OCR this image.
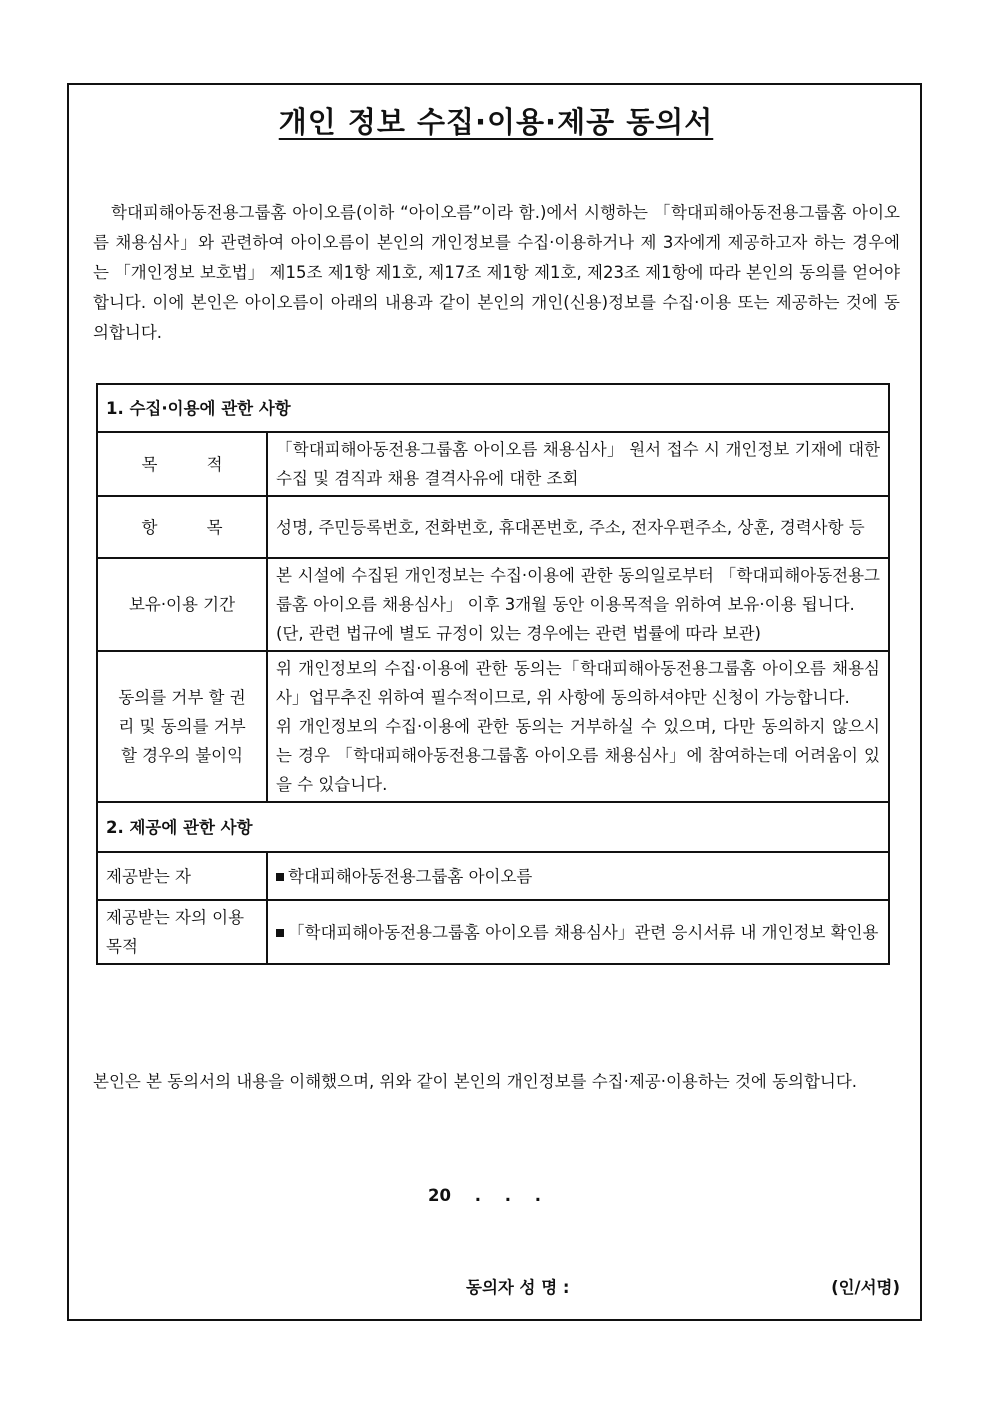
개인 정보 수집·이용·제공 동의서

학대피해아동전용그룹홈 아이오름(이하 “아이오름”이라 함.)에서 시행하는 「학대피해아동전용그룹홈 아이오름 채용심사」와 관련하여 아이오름이 본인의 개인정보를 수집·이용하거나 제 3자에게 제공하고자 하는 경우에는 「개인정보 보호법」 제15조 제1항 제1호, 제17조 제1항 제1호, 제23조 제1항에 따라 본인의 동의를 얻어야 합니다. 이에 본인은 아이오름이 아래의 내용과 같이 본인의 개인(신용)정보를 수집·이용 또는 제공하는 것에 동의합니다.

1. 수집·이용에 관한 사항	
목 적	「학대피해아동전용그룹홈 아이오름 채용심사」 원서 접수 시 개인정보 기재에 대한 수집 및 겸직과 채용 결격사유에 대한 조회
항 목	성명, 주민등록번호, 전화번호, 휴대폰번호, 주소, 전자우편주소, 상훈, 경력사항 등
보유·이용 기간	본 시설에 수집된 개인정보는 수집·이용에 관한 동의일로부터 「학대피해아동전용그룹홈 아이오름 채용심사」 이후 3개월 동안 이용목적을 위하여 보유·이용 됩니다.
(단, 관련 법규에 별도 규정이 있는 경우에는 관련 법률에 따라 보관)

동의를 거부 할 권리 및 동의를 거부할 경우의 불이익	위 개인정보의 수집·이용에 관한 동의는「학대피해아동전용그룹홈 아이오름 채용심사」업무추진 위하여 필수적이므로, 위 사항에 동의하셔야만 신청이 가능합니다.
위 개인정보의 수집·이용에 관한 동의는 거부하실 수 있으며, 다만 동의하지 않으시는 경우 「학대피해아동전용그룹홈 아이오름 채용심사」에 참여하는데 어려움이 있을 수 있습니다.

2. 제공에 관한 사항	
제공받는 자	학대피해아동전용그룹홈 아이오름
제공받는 자의 이용목적	「학대피해아동전용그룹홈 아이오름 채용심사」관련 응시서류 내 개인정보 확인용
본인은 본 동의서의 내용을 이해했으며, 위와 같이 본인의 개인정보를 수집·제공·이용하는 것에 동의합니다.
20 . . .
동의자 성 명 :	(인/서명)
